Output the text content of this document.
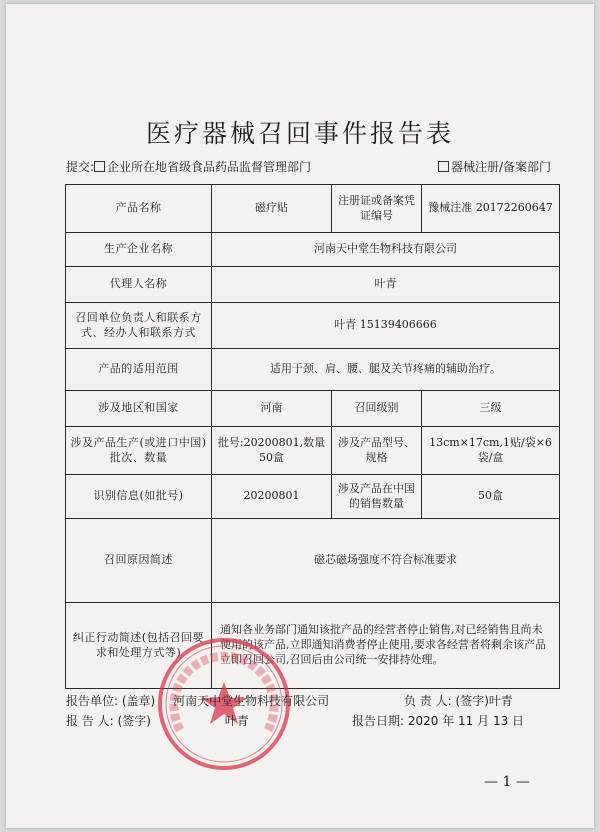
医疗器械召回事件报告表
提交: 企业所在地省级食品药品监督管理部门	器械注册/备案部门
产品名称	磁疗贴	注册证或备案凭证编号	豫械注准 20172260647
生产企业名称	河南天中堂生物科技有限公司		
代理人名称	叶青		
召回单位负责人和联系方式、经办人和联系方式	叶青 15139406666		
产品的适用范围	适用于颈、肩、腰、腿及关节疼痛的辅助治疗。		
涉及地区和国家	河南	召回级别	三级
涉及产品生产(或进口中国)批次、数量	批号:20200801,数量50盒	涉及产品型号、规格	13cm×17cm,1贴/袋×6袋/盒
识别信息(如批号)	20200801	涉及产品在中国的销售数量	50盒
召回原因简述	磁芯磁场强度不符合标准要求		
纠正行动简述(包括召回要求和处理方式等)	通知各业务部门通知该批产品的经营者停止销售,对已经销售且尚未使用的该产品,立即通知消费者停止使用,要求各经营者将剩余该产品立即召回公司,召回后由公司统一安排持处理。		
报告单位: (盖章) 河南天中堂生物科技有限公司	负 责 人: (签字)叶青
报 告 人: (签字)	叶青	报告日期: 2020 年 11 月 13 日
— 1 —
